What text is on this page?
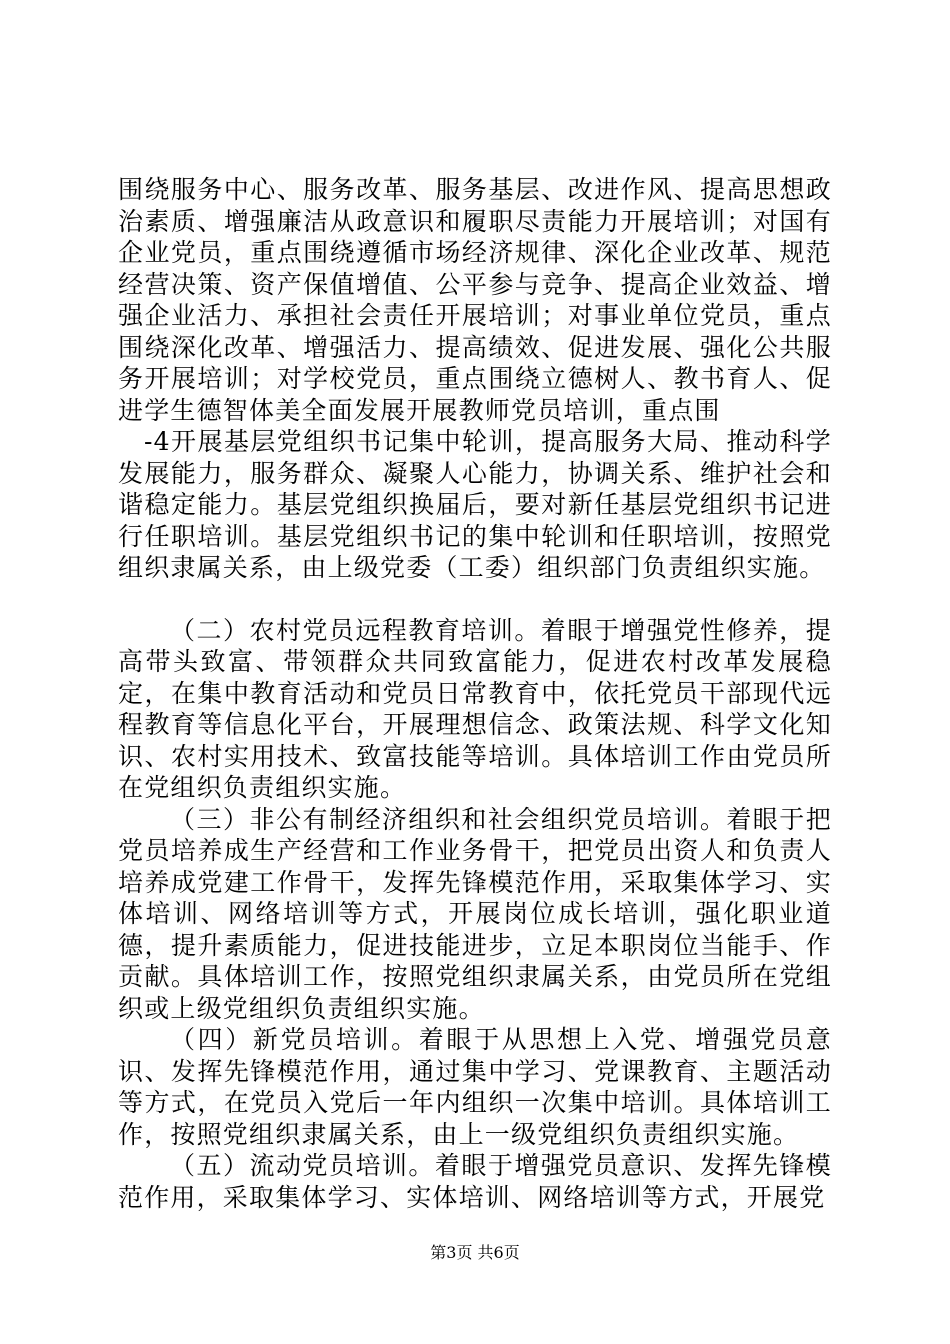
围绕服务中心、服务改革、服务基层、改进作风、提高思想政治素质、增强廉洁从政意识和履职尽责能力开展培训；对国有企业党员，重点围绕遵循市场经济规律、深化企业改革、规范经营决策、资产保值增值、公平参与竞争、提高企业效益、增强企业活力、承担社会责任开展培训；对事业单位党员，重点围绕深化改革、增强活力、提高绩效、促进发展、强化公共服务开展培训；对学校党员，重点围绕立德树人、教书育人、促进学生德智体美全面发展开展教师党员培训，重点围

-4开展基层党组织书记集中轮训，提高服务大局、推动科学发展能力，服务群众、凝聚人心能力，协调关系、维护社会和谐稳定能力。基层党组织换届后，要对新任基层党组织书记进行任职培训。基层党组织书记的集中轮训和任职培训，按照党组织隶属关系，由上级党委（工委）组织部门负责组织实施。

（二）农村党员远程教育培训。着眼于增强党性修养，提高带头致富、带领群众共同致富能力，促进农村改革发展稳定，在集中教育活动和党员日常教育中，依托党员干部现代远程教育等信息化平台，开展理想信念、政策法规、科学文化知识、农村实用技术、致富技能等培训。具体培训工作由党员所在党组织负责组织实施。

（三）非公有制经济组织和社会组织党员培训。着眼于把党员培养成生产经营和工作业务骨干，把党员出资人和负责人培养成党建工作骨干，发挥先锋模范作用，采取集体学习、实体培训、网络培训等方式，开展岗位成长培训，强化职业道德，提升素质能力，促进技能进步，立足本职岗位当能手、作贡献。具体培训工作，按照党组织隶属关系，由党员所在党组织或上级党组织负责组织实施。

（四）新党员培训。着眼于从思想上入党、增强党员意识、发挥先锋模范作用，通过集中学习、党课教育、主题活动等方式，在党员入党后一年内组织一次集中培训。具体培训工作，按照党组织隶属关系，由上一级党组织负责组织实施。

（五）流动党员培训。着眼于增强党员意识、发挥先锋模范作用，采取集体学习、实体培训、网络培训等方式，开展党

第3页 共6页
